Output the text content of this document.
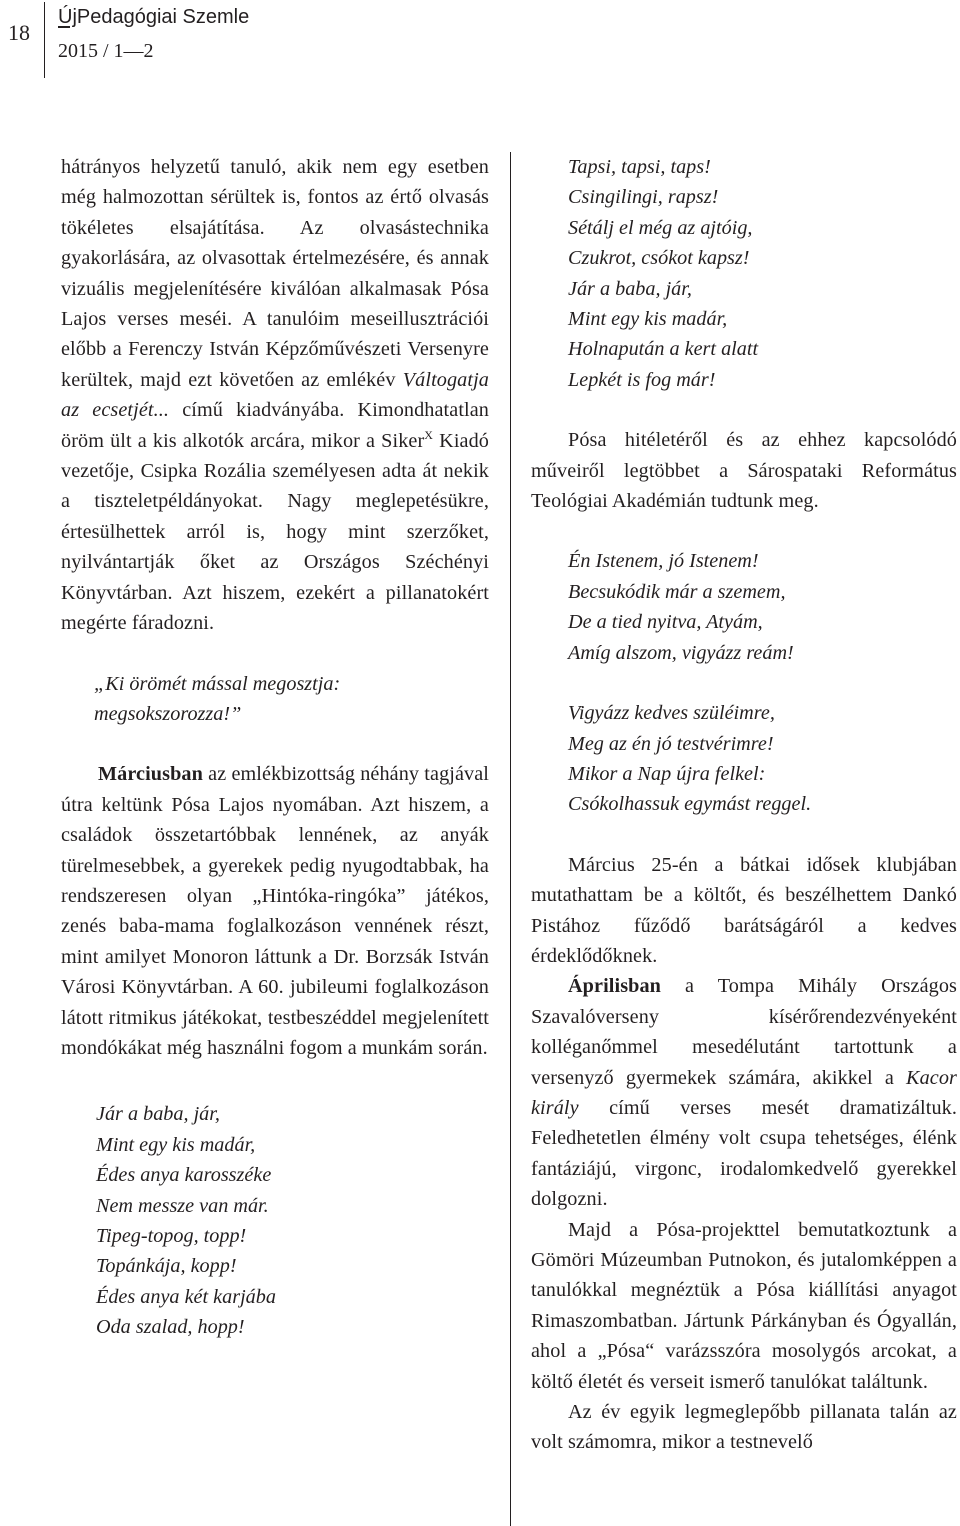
18
ÚjPedagógiai Szemle
2015 / 1—2

hátrányos helyzetű tanuló, akik nem egy esetben még halmozottan sérültek is, fontos az értő olvasás tökéletes elsajátítása. Az olvasástechnika gyakorlására, az olvasottak értelmezésére, és annak vizuális megjelenítésére kiválóan alkalmasak Pósa Lajos verses meséi. A tanulóim meseillusztrációi előbb a Ferenczy István Képzőművészeti Versenyre kerültek, majd ezt követően az emlékév Váltogatja az ecsetjét... című kiadványába. Kimondhatatlan öröm ült a kis alkotók arcára, mikor a Siker$^X$ Kiadó vezetője, Csipka Rozália személyesen adta át nekik a tiszteletpéldányokat. Nagy meglepetésükre, értesülhettek arról is, hogy mint szerzőket, nyilvántartják őket az Országos Széchényi Könyvtárban. Azt hiszem, ezekért a pillanatokért megérte fáradozni.

„Ki örömét mással megosztja:
megsokszorozza!”

Márciusban az emlékbizottság néhány tagjával útra keltünk Pósa Lajos nyomában. Azt hiszem, a családok összetartóbbak lennének, az anyák türelmesebbek, a gyerekek pedig nyugodtabbak, ha rendszeresen olyan „Hintóka-ringóka” játékos, zenés baba-mama foglalkozáson vennének részt, mint amilyet Monoron láttunk a Dr. Borzsák István Városi Könyvtárban. A 60. jubileumi foglalkozáson látott ritmikus játékokat, testbeszéddel megjelenített mondókákat még használni fogom a munkám során.

Jár a baba, jár,
Mint egy kis madár,
Édes anya karosszéke
Nem messze van már.
Tipeg-topog, topp!
Topánkája, kopp!
Édes anya két karjába
Oda szalad, hopp!
Tapsi, tapsi, taps!
Csingilingi, rapsz!
Sétálj el még az ajtóig,
Czukrot, csókot kapsz!
Jár a baba, jár,
Mint egy kis madár,
Holnapután a kert alatt
Lepkét is fog már!

Pósa hitéletéről és az ehhez kapcsolódó műveiről legtöbbet a Sárospataki Református Teológiai Akadémián tudtunk meg.

Én Istenem, jó Istenem!
Becsukódik már a szemem,
De a tied nyitva, Atyám,
Amíg alszom, vigyázz reám!
Vigyázz kedves szüléimre,
Meg az én jó testvérimre!
Mikor a Nap újra felkel:
Csókolhassuk egymást reggel.

Március 25-én a bátkai idősek klubjában mutathattam be a költőt, és beszélhettem Dankó Pistához fűződő barátságáról a kedves érdeklődőknek.

Áprilisban a Tompa Mihály Országos Szavalóverseny kísérőrendezvényeként kolléganőmmel mesedélutánt tartottunk a versenyző gyermekek számára, akikkel a Kacor király című verses mesét dramatizáltuk. Feledhetetlen élmény volt csupa tehetséges, élénk fantáziájú, virgonc, irodalomkedvelő gyerekkel dolgozni.

Majd a Pósa-projekttel bemutatkoztunk a Gömöri Múzeumban Putnokon, és jutalomképpen a tanulókkal megnéztük a Pósa kiállítási anyagot Rimaszombatban. Jártunk Párkányban és Ógyallán, ahol a „Pósa“ varázsszóra mosolygós arcokat, a költő életét és verseit ismerő tanulókat találtunk.

Az év egyik legmeglepőbb pillanata talán az volt számomra, mikor a testnevelő
